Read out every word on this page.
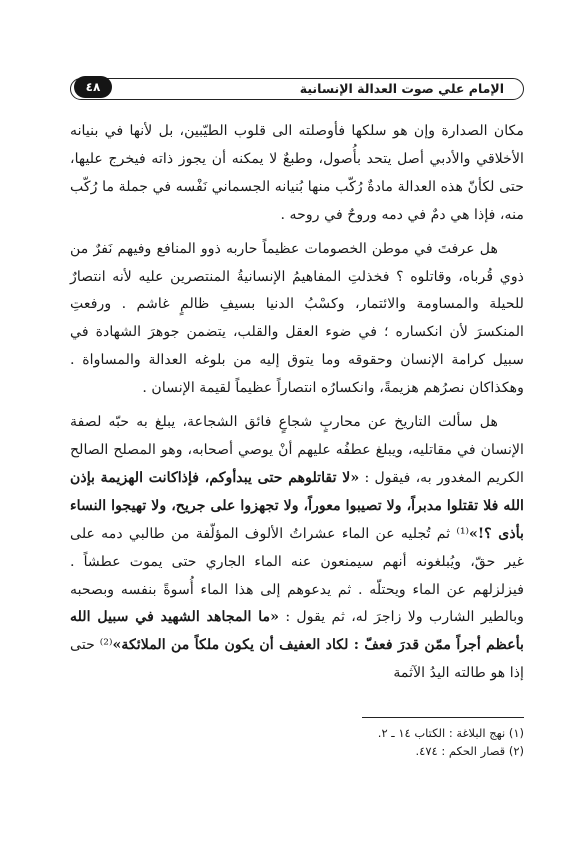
الإمام علي صوت العدالة الإنسانية
٤٨

مكان الصدارة وإن هو سلكها فأوصلته الى قلوب الطيّبين، بل لأنها في بنيانه الأخلاقي والأدبي أصل يتحد بأُصول، وطبعٌ لا يمكنه أن يجوز ذاته فيخرج عليها، حتى لكأنّ هذه العدالة مادةٌ رُكّب منها بُنيانه الجسماني نَفْسه في جملة ما رُكّب منه، فإذا هي دمٌ في دمه وروحٌ في روحه .

هل عرفتَ في موطن الخصومات عظيماً حاربه ذوو المنافع وفيهم نَفرٌ من ذوي قُرباه، وقاتلوه ؟ فخذلتِ المفاهيمُ الإنسانيةُ المنتصرين عليه لأنه انتصارٌ للحيلة والمساومة والائتمار، وكسْبُ الدنيا بسيفِ ظالمٍ غاشم . ورفعتِ المنكسرَ لأن انكساره ؛ في ضوء العقل والقلب، يتضمن جوهرَ الشهادة في سبيل كرامة الإنسان وحقوقه وما يتوق إليه من بلوغه العدالة والمساواة . وهكذاكان نصرُهم هزيمةً، وانكسارُه انتصاراً عظيماً لقيمة الإنسان .

هل سألت التاريخ عن محاربٍ شجاعٍ فائق الشجاعة، يبلغ به حبّه لصفة الإنسان في مقاتليه، ويبلغ عطفُه عليهم أنْ يوصي أصحابه، وهو المصلح الصالح الكريم المغدور به، فيقول : «لا تقاتلوهم حتى يبدأوكم، فإذاكانت الهزيمة بإذن الله فلا تقتلوا مدبراً، ولا تصيبوا معوراً، ولا تجهزوا على جريح، ولا تهيجوا النساء بأذى ؟!»⁽¹⁾ ثم تُجليه عن الماء عشراتُ الألوف المؤلّفة من طالبي دمه على غير حقّ، ويُبلغونه أنهم سيمنعون عنه الماء الجاري حتى يموت عطشاً . فيزلزلهم عن الماء ويحتلّه . ثم يدعوهم إلى هذا الماء أُسوةً بنفسه وبصحبه وبالطير الشارب ولا زاجرَ له، ثم يقول : «ما المجاهد الشهيد في سبيل الله بأعظم أجراً ممّن قدرَ فعفّ : لكاد العفيف أن يكون ملكاً من الملائكة»⁽²⁾ حتى إذا هو طالته اليدُ الآثمة

(١) نهج البلاغة : الكتاب ١٤ ـ ٢.
(٢) قصار الحكم : ٤٧٤.
